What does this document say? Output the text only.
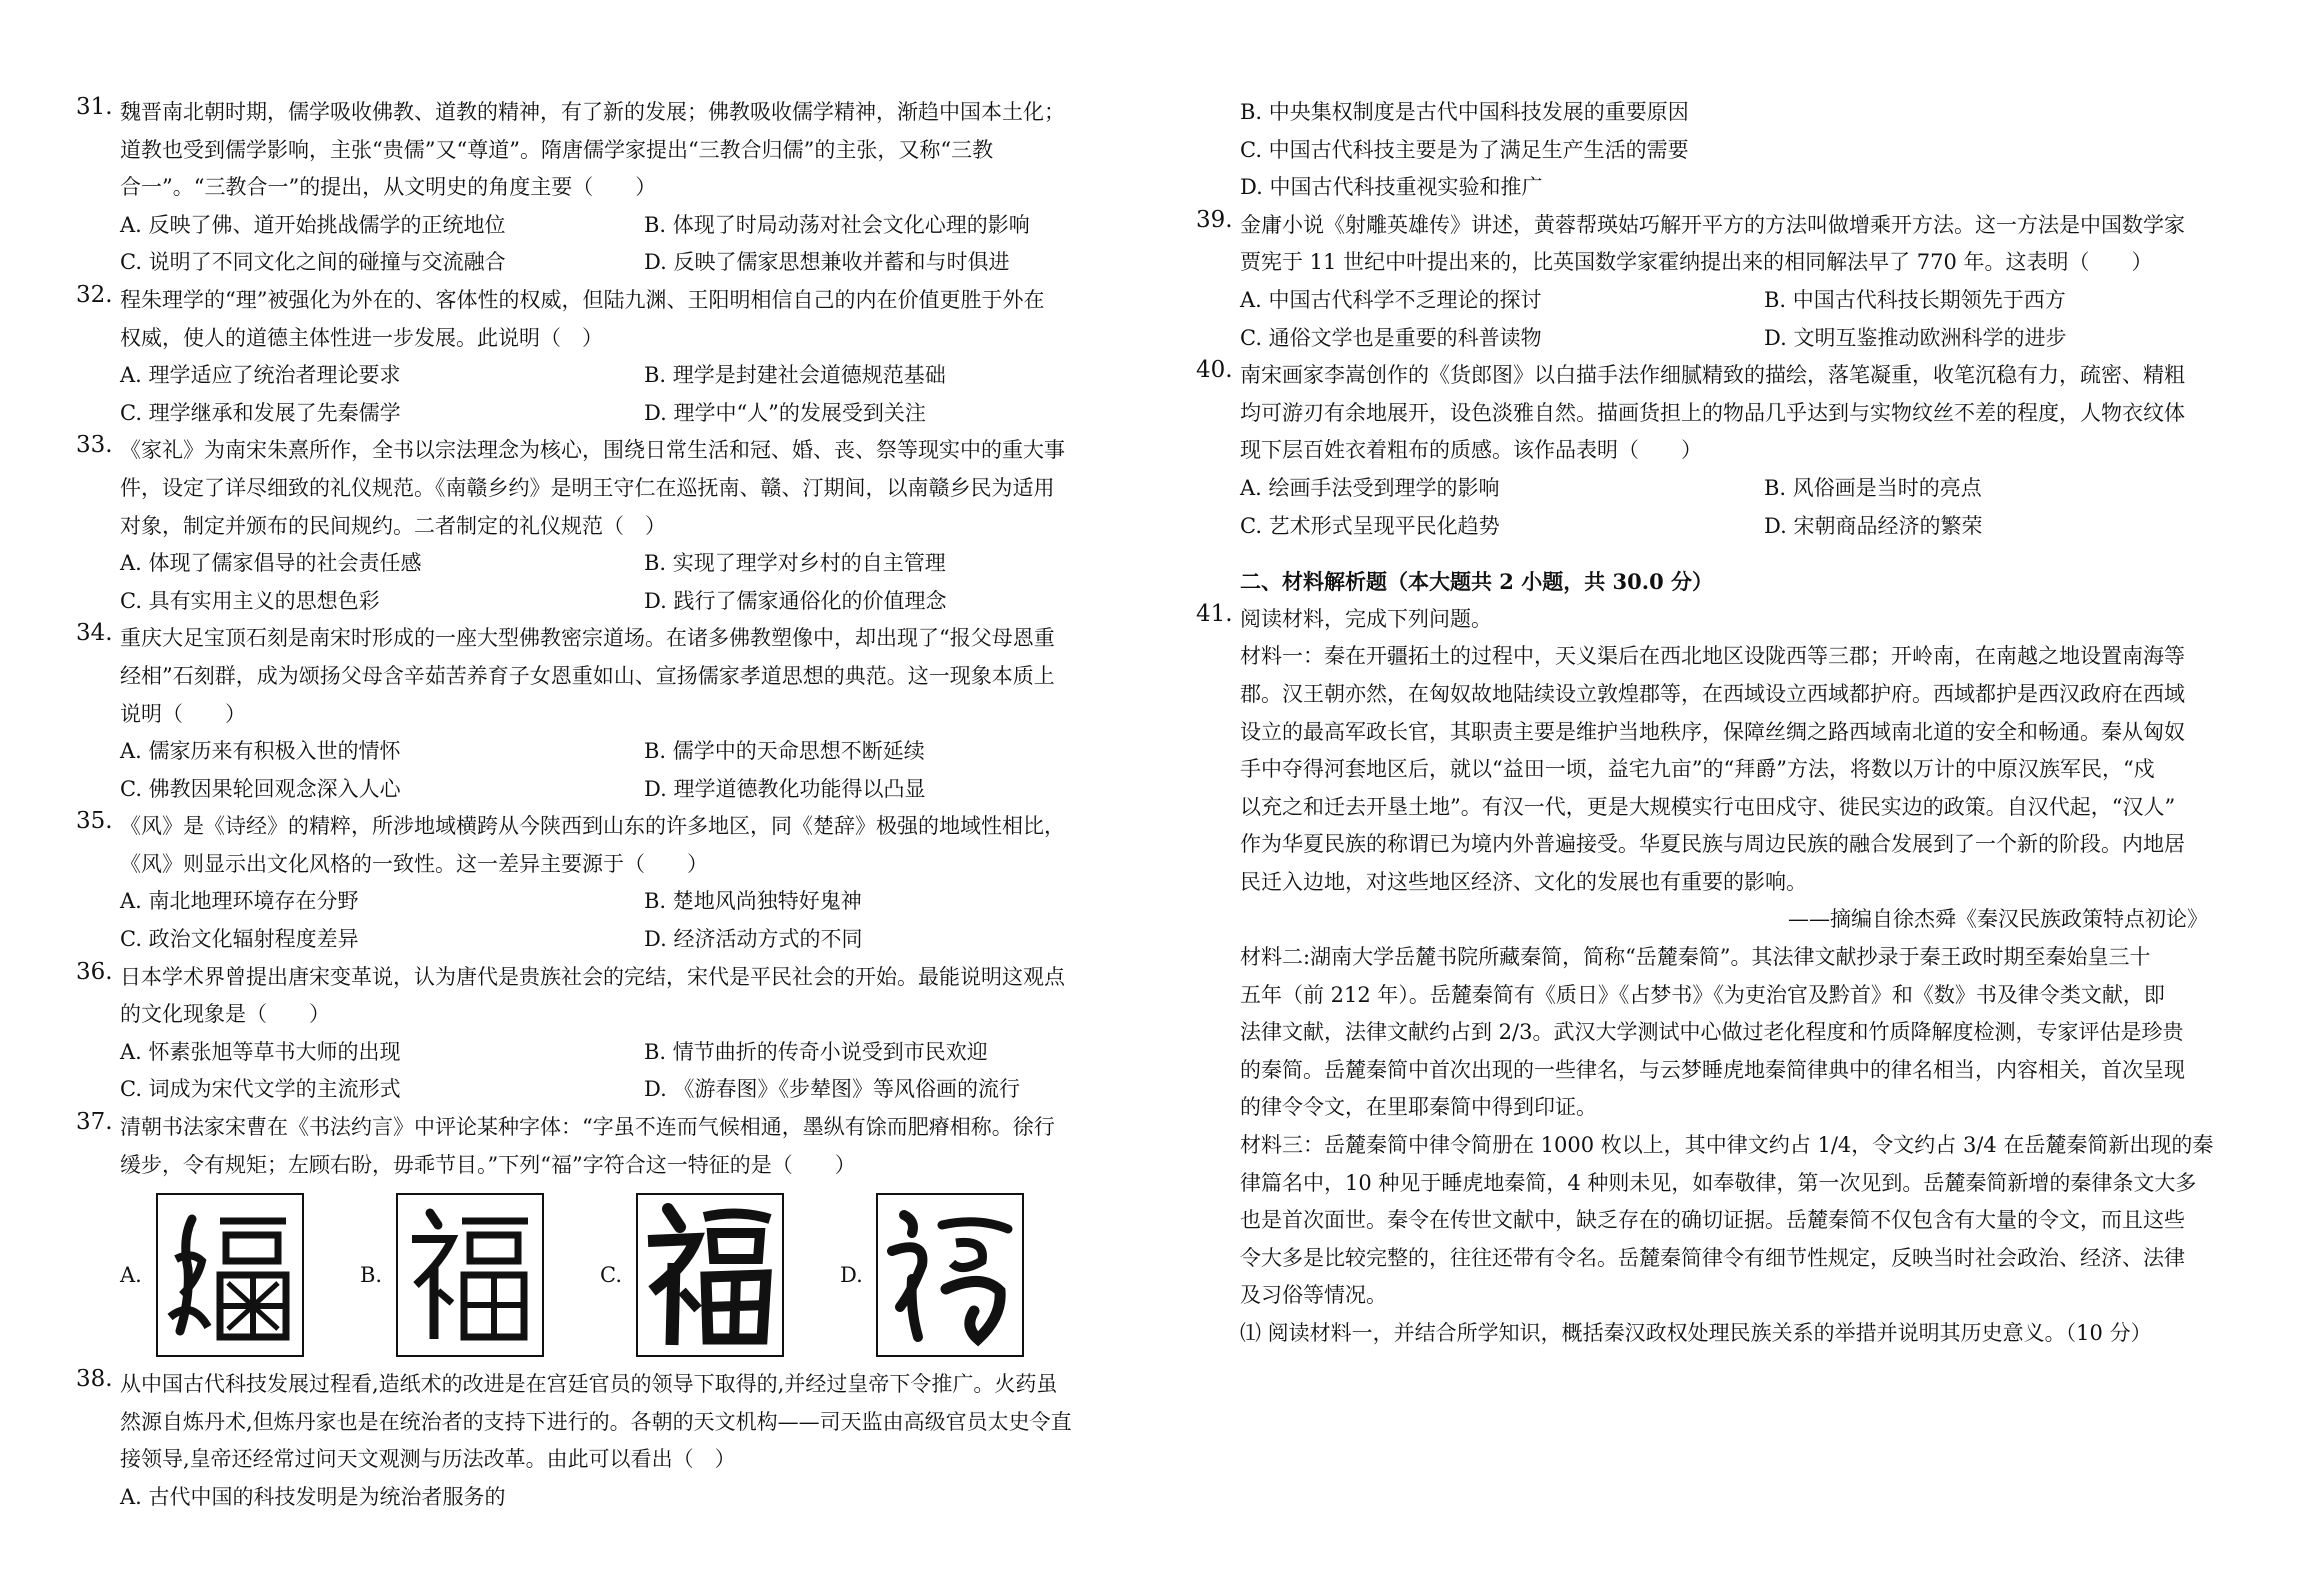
31. 魏晋南北朝时期，儒学吸收佛教、道教的精神，有了新的发展；佛教吸收儒学精神，渐趋中国本土化；
道教也受到儒学影响，主张“贵儒”又“尊道”。隋唐儒学家提出“三教合归儒”的主张，又称“三教
合一”。“三教合一”的提出，从文明史的角度主要（　　）
A. 反映了佛、道开始挑战儒学的正统地位	B. 体现了时局动荡对社会文化心理的影响
C. 说明了不同文化之间的碰撞与交流融合	D. 反映了儒家思想兼收并蓄和与时俱进
32. 程朱理学的“理”被强化为外在的、客体性的权威，但陆九渊、王阳明相信自己的内在价值更胜于外在
权威，使人的道德主体性进一步发展。此说明（　）
A. 理学适应了统治者理论要求	B. 理学是封建社会道德规范基础
C. 理学继承和发展了先秦儒学	D. 理学中“人”的发展受到关注
33. 《家礼》为南宋朱熹所作，全书以宗法理念为核心，围绕日常生活和冠、婚、丧、祭等现实中的重大事
件，设定了详尽细致的礼仪规范。《南赣乡约》是明王守仁在巡抚南、赣、汀期间，以南赣乡民为适用
对象，制定并颁布的民间规约。二者制定的礼仪规范（　）
A. 体现了儒家倡导的社会责任感	B. 实现了理学对乡村的自主管理
C. 具有实用主义的思想色彩	D. 践行了儒家通俗化的价值理念
34. 重庆大足宝顶石刻是南宋时形成的一座大型佛教密宗道场。在诸多佛教塑像中，却出现了“报父母恩重
经相”石刻群，成为颂扬父母含辛茹苦养育子女恩重如山、宣扬儒家孝道思想的典范。这一现象本质上
说明（　　）
A. 儒家历来有积极入世的情怀	B. 儒学中的天命思想不断延续
C. 佛教因果轮回观念深入人心	D. 理学道德教化功能得以凸显
35. 《风》是《诗经》的精粹，所涉地域横跨从今陕西到山东的许多地区，同《楚辞》极强的地域性相比，
《风》则显示出文化风格的一致性。这一差异主要源于（　　）
A. 南北地理环境存在分野	B. 楚地风尚独特好鬼神
C. 政治文化辐射程度差异	D. 经济活动方式的不同
36. 日本学术界曾提出唐宋变革说，认为唐代是贵族社会的完结，宋代是平民社会的开始。最能说明这观点
的文化现象是（　　）
A. 怀素张旭等草书大师的出现	B. 情节曲折的传奇小说受到市民欢迎
C. 词成为宋代文学的主流形式	D. 《游春图》《步辇图》等风俗画的流行
37. 清朝书法家宋曹在《书法约言》中评论某种字体：“字虽不连而气候相通，墨纵有馀而肥瘠相称。徐行
缓步，令有规矩；左顾右盼，毋乖节目。”下列“福”字符合这一特征的是（　　）
A.	B.	C.	D.
38. 从中国古代科技发展过程看,造纸术的改进是在宫廷官员的领导下取得的,并经过皇帝下令推广。火药虽
然源自炼丹术,但炼丹家也是在统治者的支持下进行的。各朝的天文机构——司天监由高级官员太史令直
接领导,皇帝还经常过问天文观测与历法改革。由此可以看出（　）
A. 古代中国的科技发明是为统治者服务的
B. 中央集权制度是古代中国科技发展的重要原因
C. 中国古代科技主要是为了满足生产生活的需要
D. 中国古代科技重视实验和推广
39. 金庸小说《射雕英雄传》讲述，黄蓉帮瑛姑巧解开平方的方法叫做增乘开方法。这一方法是中国数学家
贾宪于 11 世纪中叶提出来的，比英国数学家霍纳提出来的相同解法早了 770 年。这表明（　　）
A. 中国古代科学不乏理论的探讨	B. 中国古代科技长期领先于西方
C. 通俗文学也是重要的科普读物	D. 文明互鉴推动欧洲科学的进步
40. 南宋画家李嵩创作的《货郎图》以白描手法作细腻精致的描绘，落笔凝重，收笔沉稳有力，疏密、精粗
均可游刃有余地展开，设色淡雅自然。描画货担上的物品几乎达到与实物纹丝不差的程度，人物衣纹体
现下层百姓衣着粗布的质感。该作品表明（　　）
A. 绘画手法受到理学的影响	B. 风俗画是当时的亮点
C. 艺术形式呈现平民化趋势	D. 宋朝商品经济的繁荣
二、材料解析题（本大题共 2 小题，共 30.0 分）
41. 阅读材料，完成下列问题。
材料一：秦在开疆拓土的过程中，天义渠后在西北地区设陇西等三郡；开岭南，在南越之地设置南海等
郡。汉王朝亦然，在匈奴故地陆续设立敦煌郡等，在西域设立西域都护府。西域都护是西汉政府在西域
设立的最高军政长官，其职责主要是维护当地秩序，保障丝绸之路西域南北道的安全和畅通。秦从匈奴
手中夺得河套地区后，就以“益田一顷，益宅九亩”的“拜爵”方法，将数以万计的中原汉族军民，“戍
以充之和迁去开垦土地”。有汉一代，更是大规模实行屯田戍守、徙民实边的政策。自汉代起，“汉人”
作为华夏民族的称谓已为境内外普遍接受。华夏民族与周边民族的融合发展到了一个新的阶段。内地居
民迁入边地，对这些地区经济、文化的发展也有重要的影响。
——摘编自徐杰舜《秦汉民族政策特点初论》
材料二:湖南大学岳麓书院所藏秦简，简称“岳麓秦简”。其法律文献抄录于秦王政时期至秦始皇三十
五年（前 212 年）。岳麓秦简有《质日》《占梦书》《为吏治官及黔首》和《数》书及律令类文献，即
法律文献，法律文献约占到 2/3。武汉大学测试中心做过老化程度和竹质降解度检测，专家评估是珍贵
的秦简。岳麓秦简中首次出现的一些律名，与云梦睡虎地秦简律典中的律名相当，内容相关，首次呈现
的律令令文，在里耶秦简中得到印证。
材料三：岳麓秦简中律令简册在 1000 枚以上，其中律文约占 1/4，令文约占 3/4 在岳麓秦简新出现的秦
律篇名中，10 种见于睡虎地秦简，4 种则未见，如奉敬律，第一次见到。岳麓秦简新增的秦律条文大多
也是首次面世。秦令在传世文献中，缺乏存在的确切证据。岳麓秦简不仅包含有大量的令文，而且这些
令大多是比较完整的，往往还带有令名。岳麓秦简律令有细节性规定，反映当时社会政治、经济、法律
及习俗等情况。
⑴ 阅读材料一，并结合所学知识，概括秦汉政权处理民族关系的举措并说明其历史意义。（10 分）
